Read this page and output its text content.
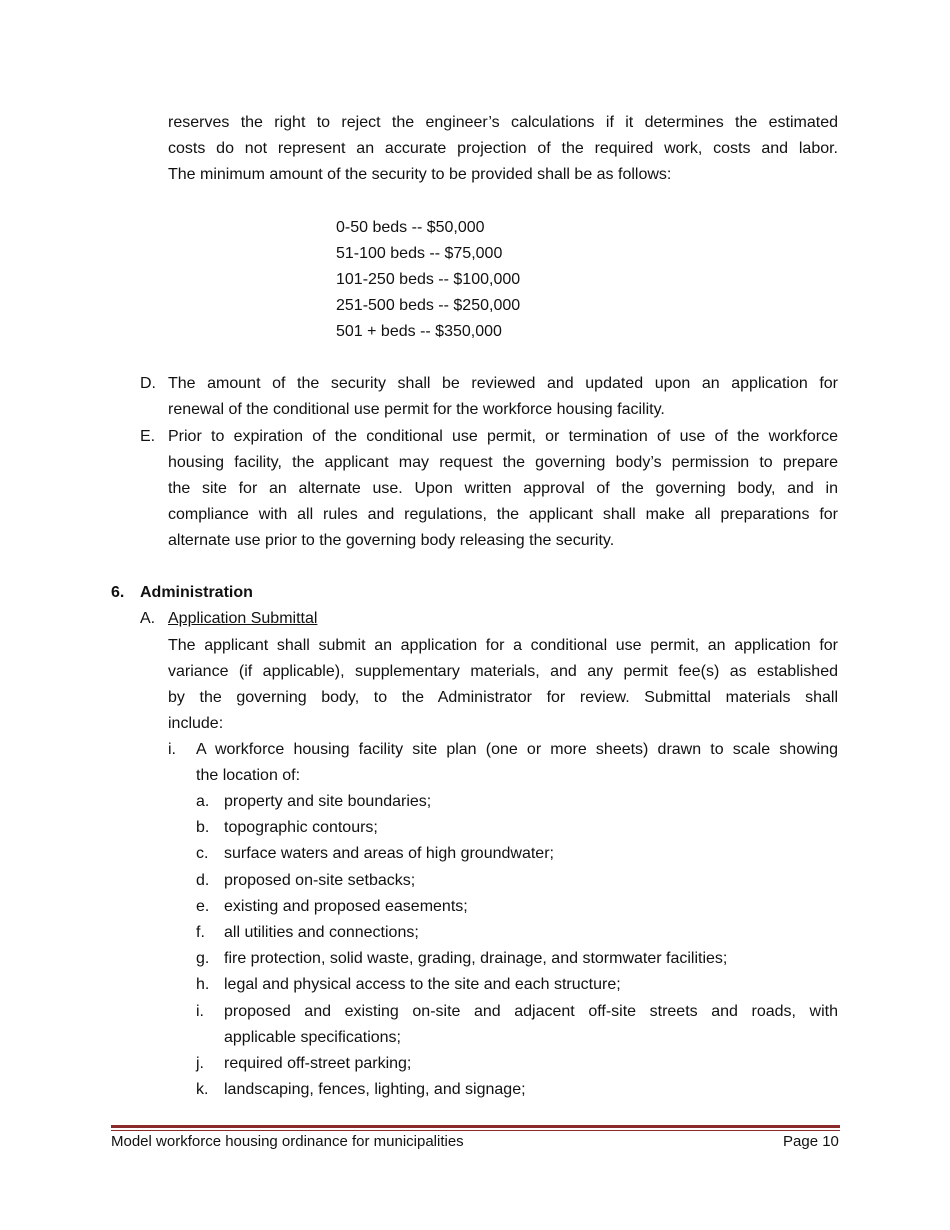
reserves the right to reject the engineer’s calculations if it determines the estimated
costs do not represent an accurate projection of the required work, costs and labor.
The minimum amount of the security to be provided shall be as follows:
0-50 beds -- $50,000
51-100 beds -- $75,000
101-250 beds -- $100,000
251-500 beds -- $250,000
501 + beds -- $350,000
D. The amount of the security shall be reviewed and updated upon an application for
renewal of the conditional use permit for the workforce housing facility.
E. Prior to expiration of the conditional use permit, or termination of use of the workforce
housing facility, the applicant may request the governing body’s permission to prepare
the site for an alternate use. Upon written approval of the governing body, and in
compliance with all rules and regulations, the applicant shall make all preparations for
alternate use prior to the governing body releasing the security.
6. Administration
A. Application Submittal
The applicant shall submit an application for a conditional use permit, an application for
variance (if applicable), supplementary materials, and any permit fee(s) as established
by the governing body, to the Administrator for review. Submittal materials shall
include:
i. A workforce housing facility site plan (one or more sheets) drawn to scale showing
the location of:
a. property and site boundaries;
b. topographic contours;
c. surface waters and areas of high groundwater;
d. proposed on-site setbacks;
e. existing and proposed easements;
f. all utilities and connections;
g. fire protection, solid waste, grading, drainage, and stormwater facilities;
h. legal and physical access to the site and each structure;
i. proposed and existing on-site and adjacent off-site streets and roads, with
applicable specifications;
j. required off-street parking;
k. landscaping, fences, lighting, and signage;
Model workforce housing ordinance for municipalities	Page 10
